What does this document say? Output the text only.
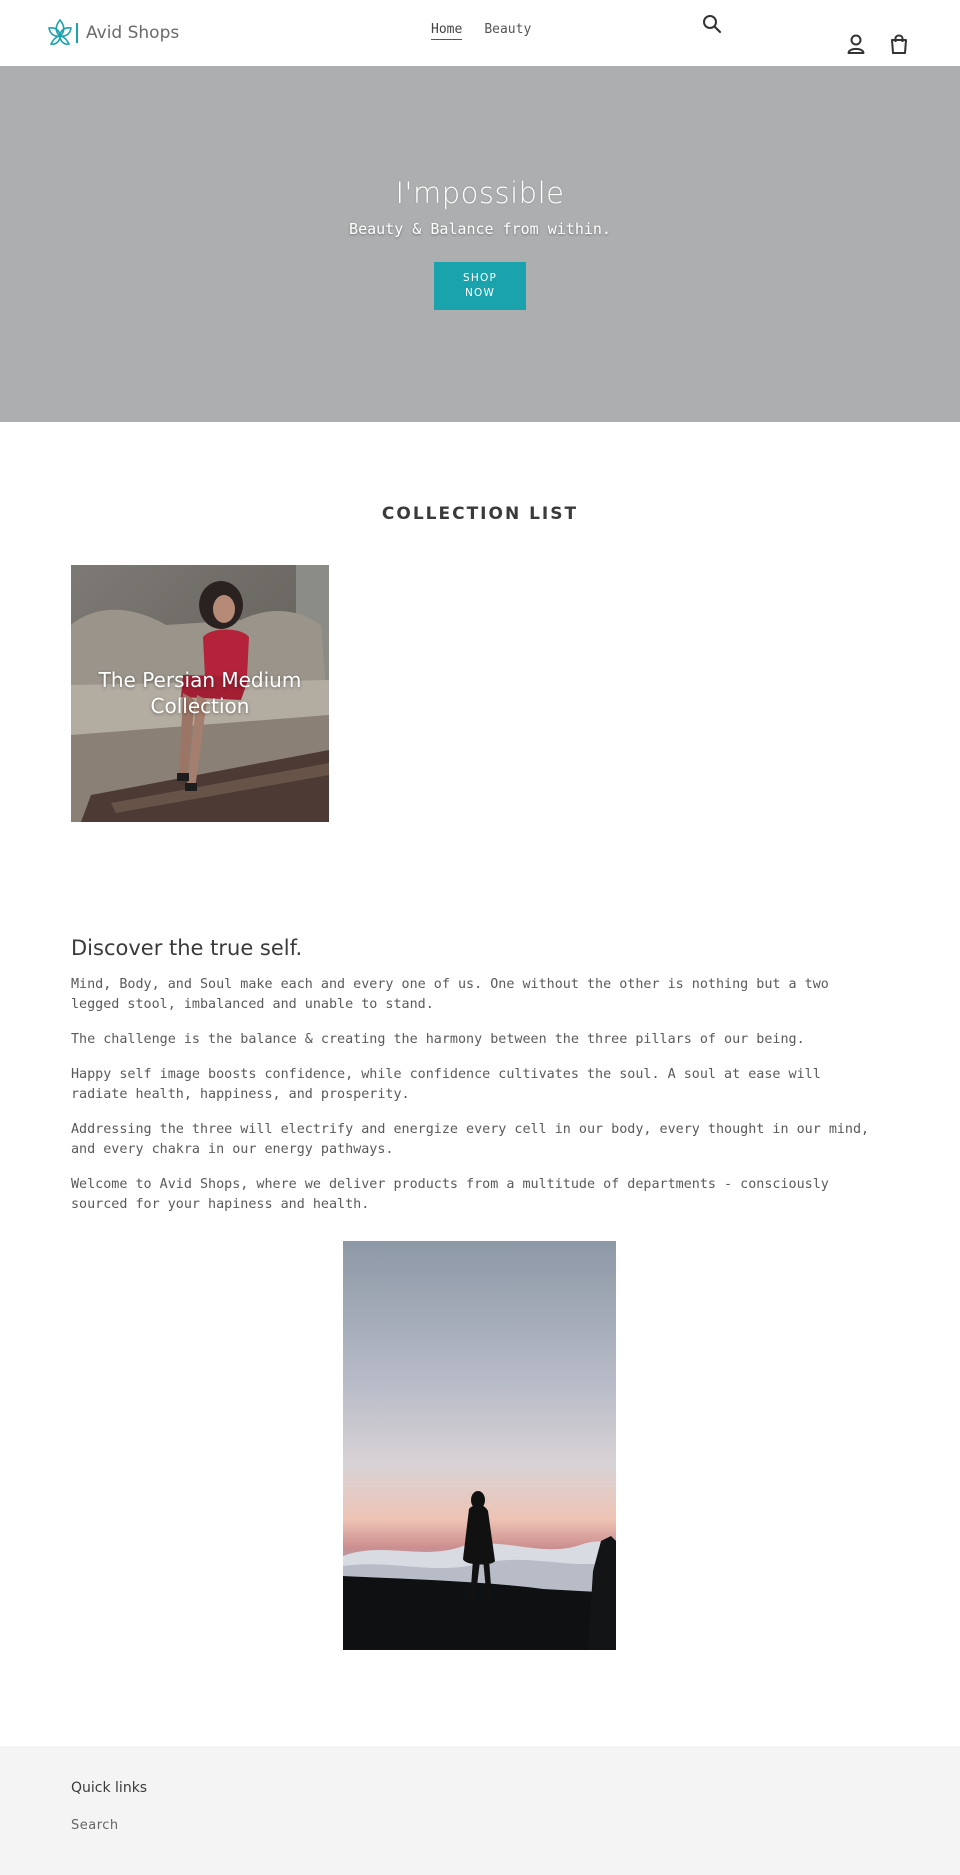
Avid Shops	Home Beauty
I'mpossible
Beauty & Balance from within.
SHOP
NOW
COLLECTION LIST
The Persian Medium
Collection
Discover the true self.

Mind, Body, and Soul make each and every one of us. One without the other is nothing but a two legged stool, imbalanced and unable to stand.

The challenge is the balance & creating the harmony between the three pillars of our being.

Happy self image boosts confidence, while confidence cultivates the soul. A soul at ease will radiate health, happiness, and prosperity.

Addressing the three will electrify and energize every cell in our body, every thought in our mind, and every chakra in our energy pathways.

Welcome to Avid Shops, where we deliver products from a multitude of departments - consciously sourced for your hapiness and health.

Quick links
Search
